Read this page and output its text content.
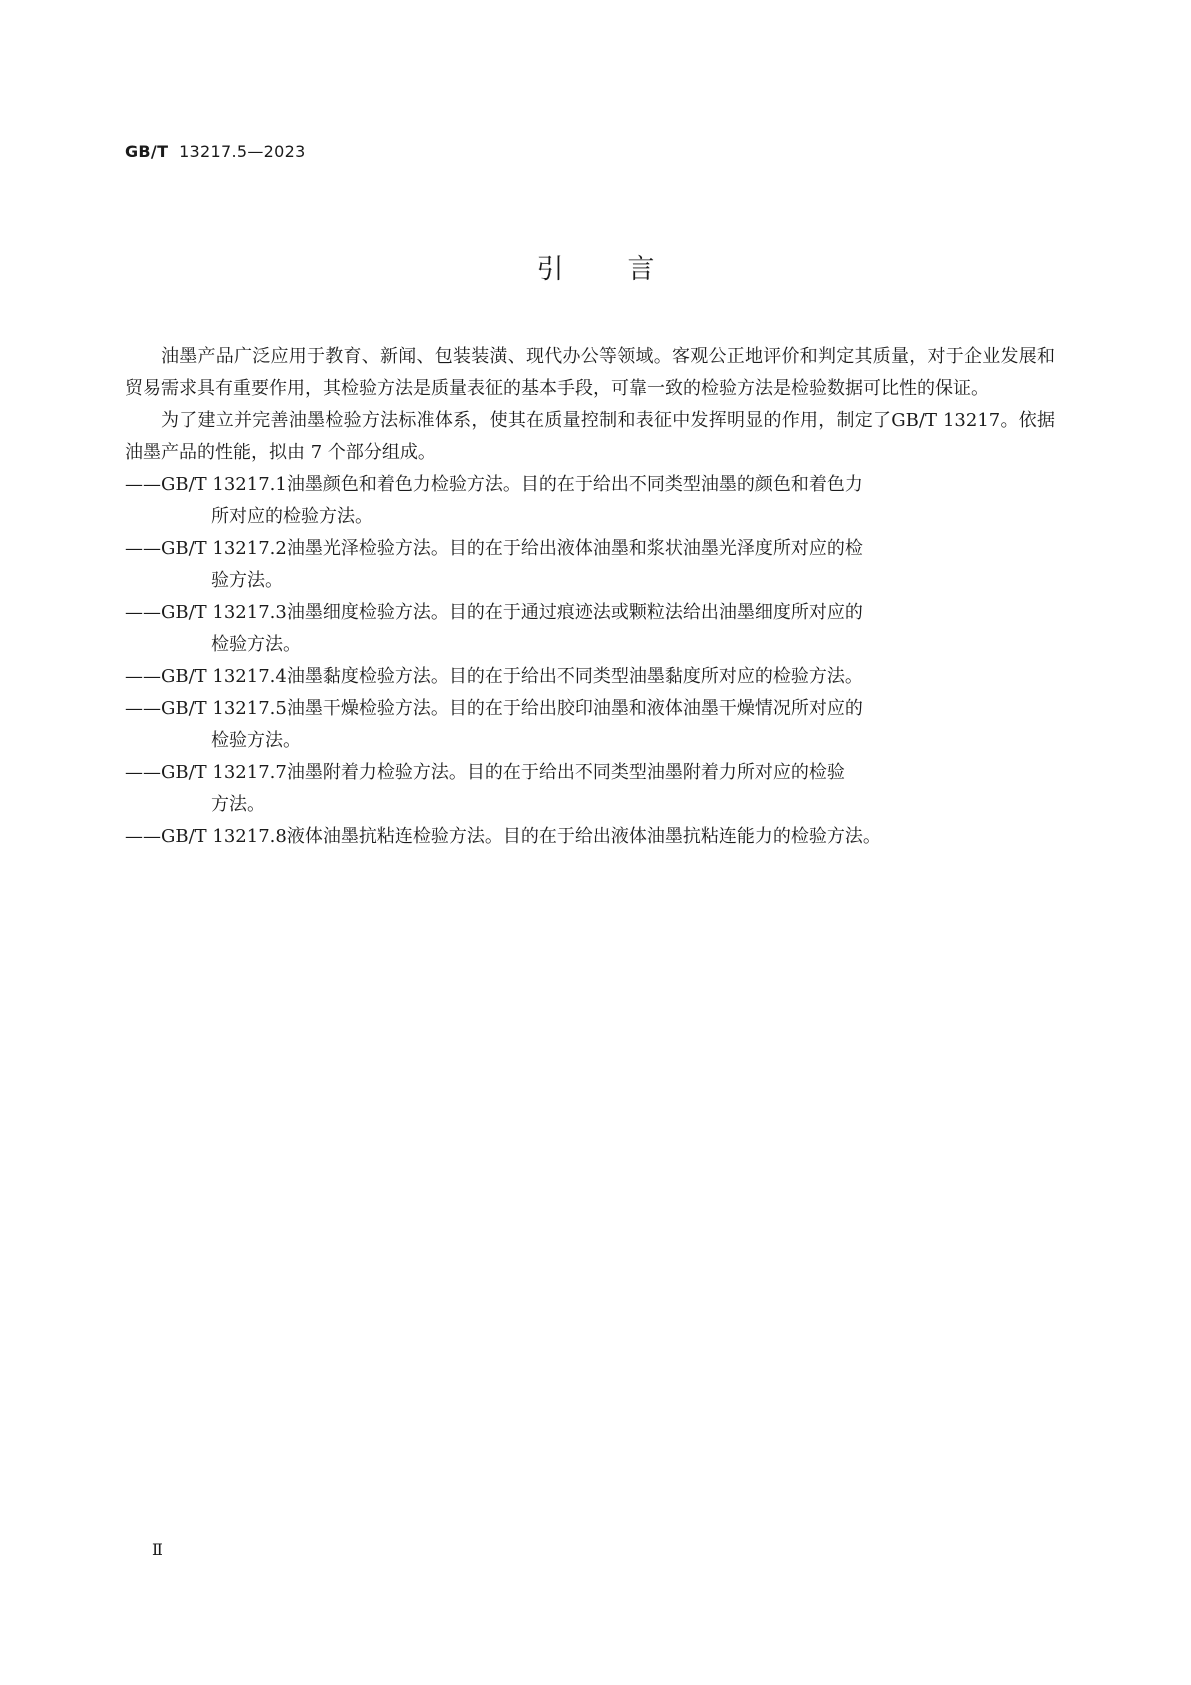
GB/T 13217.5—2023
引言

油墨产品广泛应用于教育、新闻、包装装潢、现代办公等领域。客观公正地评价和判定其质量，对于企业发展和贸易需求具有重要作用，其检验方法是质量表征的基本手段，可靠一致的检验方法是检验数据可比性的保证。

为了建立并完善油墨检验方法标准体系，使其在质量控制和表征中发挥明显的作用，制定了GB/T 13217。依据油墨产品的性能，拟由 7 个部分组成。

—— GB/T 13217.1 油墨颜色和着色力检验方法。目的在于给出不同类型油墨的颜色和着色力
所对应的检验方法。
—— GB/T 13217.2 油墨光泽检验方法。目的在于给出液体油墨和浆状油墨光泽度所对应的检
验方法。
—— GB/T 13217.3 油墨细度检验方法。目的在于通过痕迹法或颗粒法给出油墨细度所对应的
检验方法。
—— GB/T 13217.4 油墨黏度检验方法。目的在于给出不同类型油墨黏度所对应的检验方法。
—— GB/T 13217.5 油墨干燥检验方法。目的在于给出胶印油墨和液体油墨干燥情况所对应的
检验方法。
—— GB/T 13217.7 油墨附着力检验方法。目的在于给出不同类型油墨附着力所对应的检验
方法。
—— GB/T 13217.8 液体油墨抗粘连检验方法。目的在于给出液体油墨抗粘连能力的检验方法。
Ⅱ
